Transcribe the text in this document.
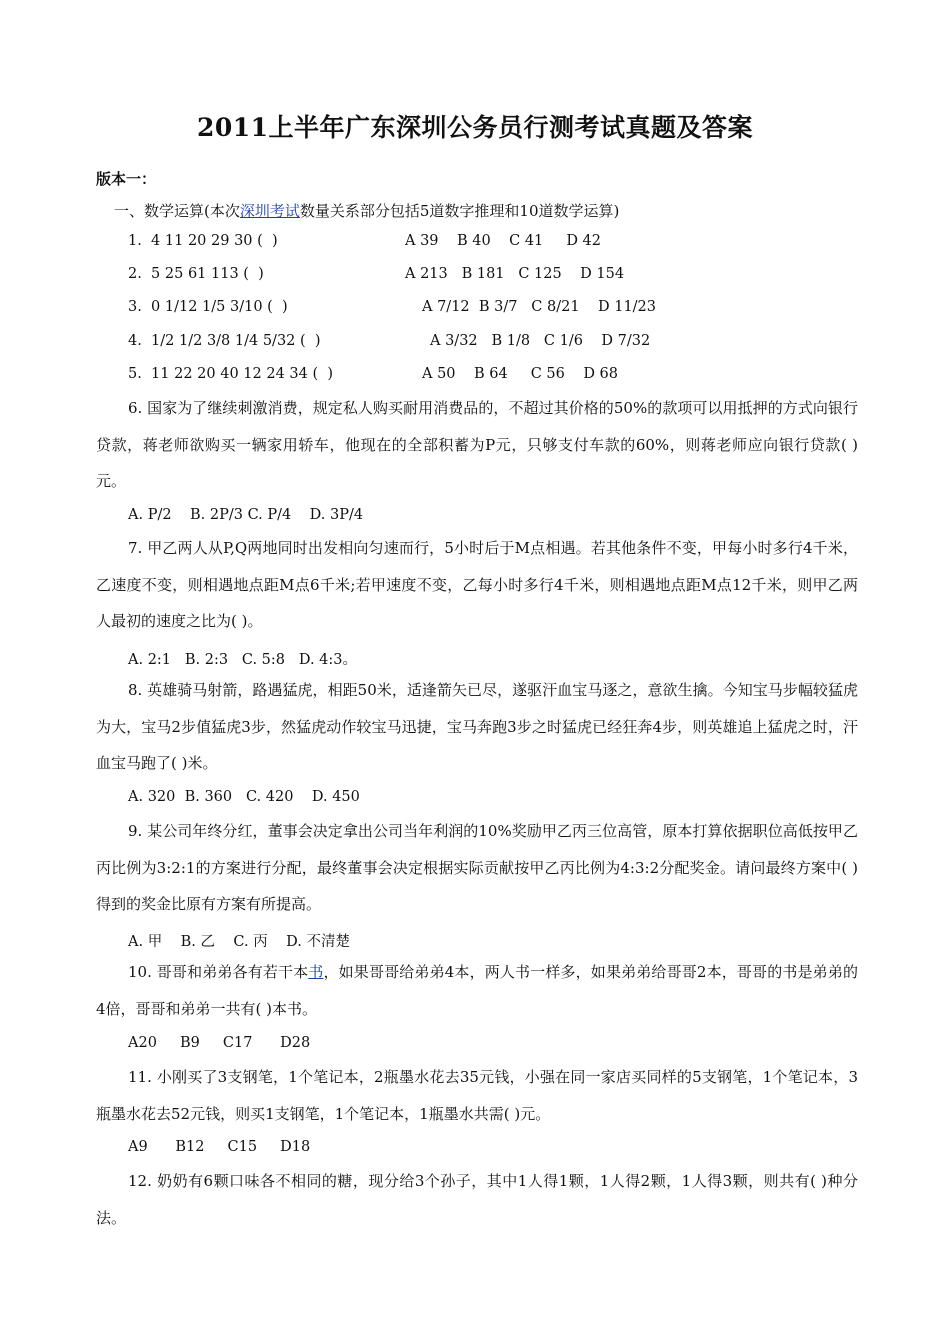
2011上半年广东深圳公务员行测考试真题及答案
版本一：
一、数学运算(本次深圳考试数量关系部分包括5道数字推理和10道数学运算)
1.  4 11 20 29 30 (  )	A 39    B 40    C 41     D 42
2.  5 25 61 113 (  )	A 213   B 181   C 125    D 154
3.  0 1/12 1/5 3/10 (  )	A 7/12  B 3/7   C 8/21    D 11/23
4.  1/2 1/2 3/8 1/4 5/32 (  )	A 3/32   B 1/8   C 1/6    D 7/32
5.  11 22 20 40 12 24 34 (  )	A 50    B 64     C 56    D 68
6. 国家为了继续刺激消费，规定私人购买耐用消费品的，不超过其价格的50%的款项可以用抵押的方式向银行贷款，蒋老师欲购买一辆家用轿车，他现在的全部积蓄为P元，只够支付车款的60%，则蒋老师应向银行贷款( )元。
A. P/2    B. 2P/3 C. P/4    D. 3P/4
7. 甲乙两人从P,Q两地同时出发相向匀速而行，5小时后于M点相遇。若其他条件不变，甲每小时多行4千米，乙速度不变，则相遇地点距M点6千米;若甲速度不变，乙每小时多行4千米，则相遇地点距M点12千米，则甲乙两人最初的速度之比为( )。
A. 2:1   B. 2:3   C. 5:8   D. 4:3。
8. 英雄骑马射箭，路遇猛虎，相距50米，适逢箭矢已尽，遂驱汗血宝马逐之，意欲生擒。今知宝马步幅较猛虎为大，宝马2步值猛虎3步，然猛虎动作较宝马迅捷，宝马奔跑3步之时猛虎已经狂奔4步，则英雄追上猛虎之时，汗血宝马跑了( )米。
A. 320  B. 360   C. 420    D. 450
9. 某公司年终分红，董事会决定拿出公司当年利润的10%奖励甲乙丙三位高管，原本打算依据职位高低按甲乙丙比例为3:2:1的方案进行分配，最终董事会决定根据实际贡献按甲乙丙比例为4:3:2分配奖金。请问最终方案中( )得到的奖金比原有方案有所提高。
A. 甲    B. 乙    C. 丙    D. 不清楚
10. 哥哥和弟弟各有若干本书，如果哥哥给弟弟4本，两人书一样多，如果弟弟给哥哥2本，哥哥的书是弟弟的4倍，哥哥和弟弟一共有( )本书。
A20     B9     C17      D28
11. 小刚买了3支钢笔，1个笔记本，2瓶墨水花去35元钱，小强在同一家店买同样的5支钢笔，1个笔记本，3瓶墨水花去52元钱，则买1支钢笔，1个笔记本，1瓶墨水共需( )元。
A9      B12     C15     D18
12. 奶奶有6颗口味各不相同的糖，现分给3个孙子，其中1人得1颗，1人得2颗，1人得3颗，则共有( )种分法。
